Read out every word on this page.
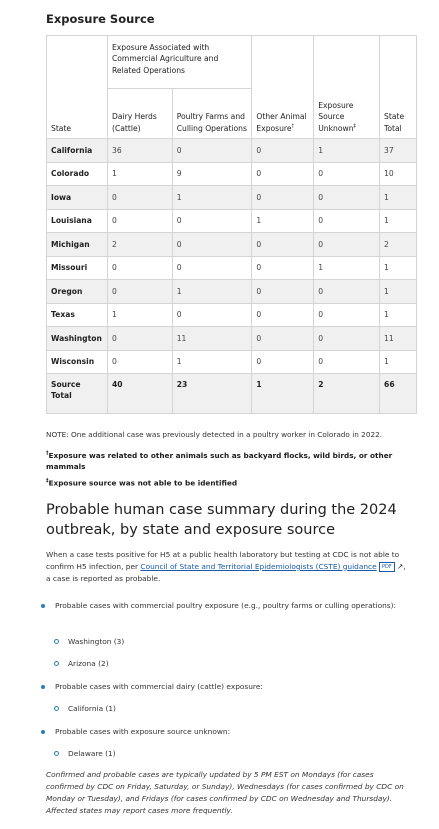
Exposure Source
State	Exposure Associated with Commercial Agriculture and Related Operations		Other Animal Exposure†	Exposure Source Unknown‡	State Total
	Dairy Herds (Cattle)	Poultry Farms and Culling Operations			
California	36	0	0	1	37
Colorado	1	9	0	0	10
Iowa	0	1	0	0	1
Louisiana	0	0	1	0	1
Michigan	2	0	0	0	2
Missouri	0	0	0	1	1
Oregon	0	1	0	0	1
Texas	1	0	0	0	1
Washington	0	11	0	0	11
Wisconsin	0	1	0	0	1
Source Total	40	23	1	2	66
NOTE: One additional case was previously detected in a poultry worker in Colorado in 2022.
†Exposure was related to other animals such as backyard flocks, wild birds, or other mammals
‡Exposure source was not able to be identified
Probable human case summary during the 2024 outbreak, by state and exposure source
When a case tests positive for H5 at a public health laboratory but testing at CDC is not able to confirm H5 infection, per Council of State and Territorial Epidemiologists (CSTE) guidance PDF ↗, a case is reported as probable.
Probable cases with commercial poultry exposure (e.g., poultry farms or culling operations):
Washington (3)
Arizona (2)
Probable cases with commercial dairy (cattle) exposure:
California (1)
Probable cases with exposure source unknown:
Delaware (1)
Confirmed and probable cases are typically updated by 5 PM EST on Mondays (for cases confirmed by CDC on Friday, Saturday, or Sunday), Wednesdays (for cases confirmed by CDC on Monday or Tuesday), and Fridays (for cases confirmed by CDC on Wednesday and Thursday). Affected states may report cases more frequently.
